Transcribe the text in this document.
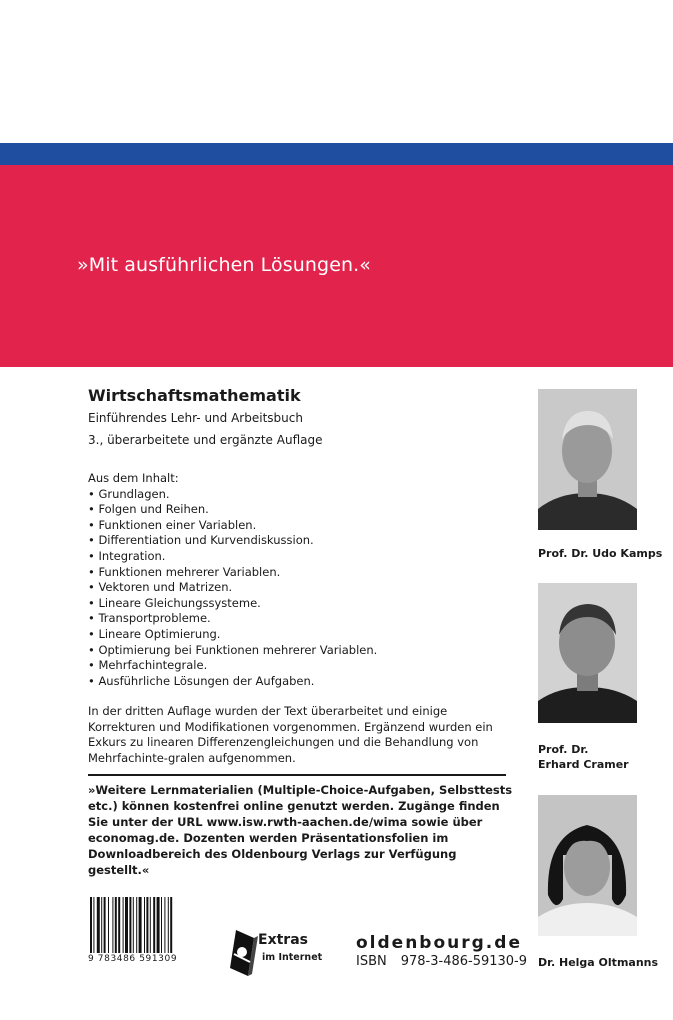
»Mit ausführlichen Lösungen.«
Wirtschaftsmathematik
Einführendes Lehr- und Arbeitsbuch
3., überarbeitete und ergänzte Auflage
Aus dem Inhalt:
• Grundlagen.
• Folgen und Reihen.
• Funktionen einer Variablen.
• Differentiation und Kurvendiskussion.
• Integration.
• Funktionen mehrerer Variablen.
• Vektoren und Matrizen.
• Lineare Gleichungssysteme.
• Transportprobleme.
• Lineare Optimierung.
• Optimierung bei Funktionen mehrerer Variablen.
• Mehrfachintegrale.
• Ausführliche Lösungen der Aufgaben.
In der dritten Auflage wurden der Text überarbeitet und einige Korrekturen und Modifikationen vorgenommen. Ergänzend wurden ein Exkurs zu linearen Differenzengleichungen und die Behandlung von Mehrfachinte-gralen aufgenommen.
»Weitere Lernmaterialien (Multiple-Choice-Aufgaben, Selbsttests etc.) können kostenfrei online genutzt werden. Zugänge finden Sie unter der URL www.isw.rwth-aachen.de/wima sowie über economag.de. Dozenten werden Präsentationsfolien im Downloadbereich des Oldenbourg Verlags zur Verfügung gestellt.«
Prof. Dr. Udo Kamps
Prof. Dr.
Erhard Cramer
Dr. Helga Oltmanns
9 783486 591309
Extras
im Internet
oldenbourg.de
ISBN 978-3-486-59130-9
